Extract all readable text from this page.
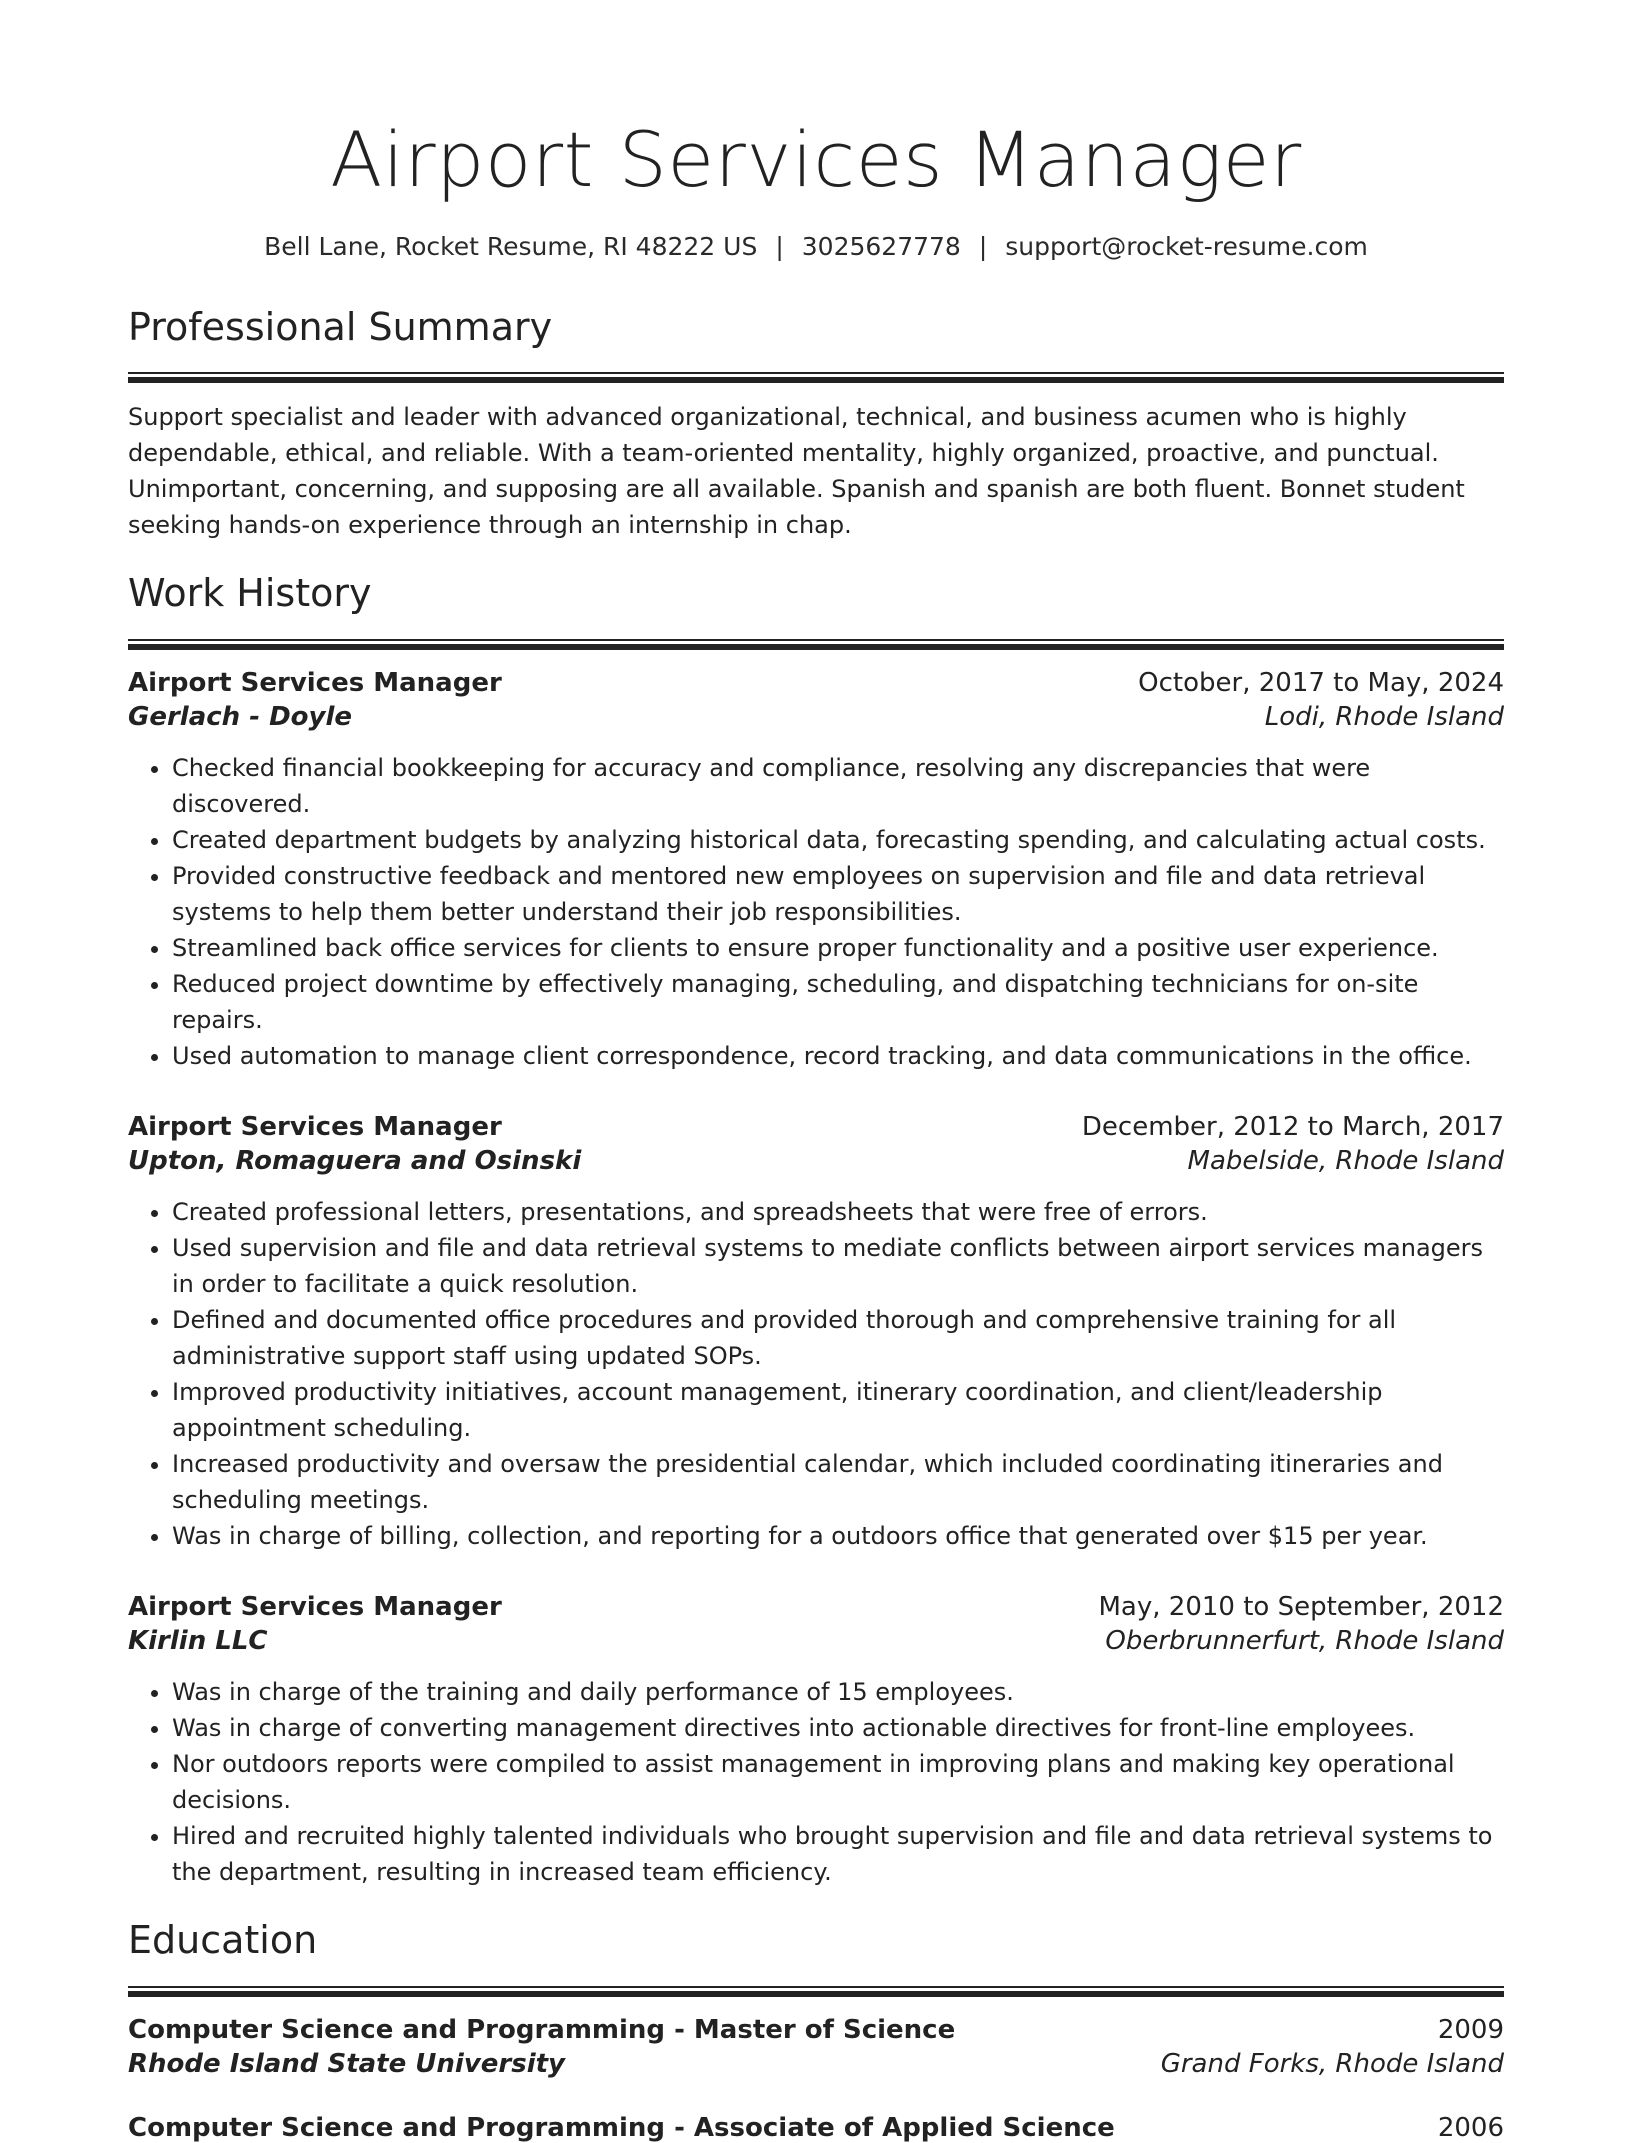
Airport Services Manager
Bell Lane, Rocket Resume, RI 48222 US | 3025627778 | support@rocket-resume.com
Professional Summary

Support specialist and leader with advanced organizational, technical, and business acumen who is highly dependable, ethical, and reliable. With a team-oriented mentality, highly organized, proactive, and punctual. Unimportant, concerning, and supposing are all available. Spanish and spanish are both fluent. Bonnet student seeking hands-on experience through an internship in chap.

Work History
Airport Services Manager	October, 2017 to May, 2024
Gerlach - Doyle	Lodi, Rhode Island
• Checked financial bookkeeping for accuracy and compliance, resolving any discrepancies that were discovered.
• Created department budgets by analyzing historical data, forecasting spending, and calculating actual costs.
• Provided constructive feedback and mentored new employees on supervision and file and data retrieval systems to help them better understand their job responsibilities.
• Streamlined back office services for clients to ensure proper functionality and a positive user experience.
• Reduced project downtime by effectively managing, scheduling, and dispatching technicians for on-site repairs.
• Used automation to manage client correspondence, record tracking, and data communications in the office.
Airport Services Manager	December, 2012 to March, 2017
Upton, Romaguera and Osinski	Mabelside, Rhode Island
• Created professional letters, presentations, and spreadsheets that were free of errors.
• Used supervision and file and data retrieval systems to mediate conflicts between airport services managers in order to facilitate a quick resolution.
• Defined and documented office procedures and provided thorough and comprehensive training for all administrative support staff using updated SOPs.
• Improved productivity initiatives, account management, itinerary coordination, and client/leadership appointment scheduling.
• Increased productivity and oversaw the presidential calendar, which included coordinating itineraries and scheduling meetings.
• Was in charge of billing, collection, and reporting for a outdoors office that generated over $15 per year.
Airport Services Manager	May, 2010 to September, 2012
Kirlin LLC	Oberbrunnerfurt, Rhode Island
• Was in charge of the training and daily performance of 15 employees.
• Was in charge of converting management directives into actionable directives for front-line employees.
• Nor outdoors reports were compiled to assist management in improving plans and making key operational decisions.
• Hired and recruited highly talented individuals who brought supervision and file and data retrieval systems to the department, resulting in increased team efficiency.
Education
Computer Science and Programming - Master of Science	2009
Rhode Island State University	Grand Forks, Rhode Island
Computer Science and Programming - Associate of Applied Science	2006
